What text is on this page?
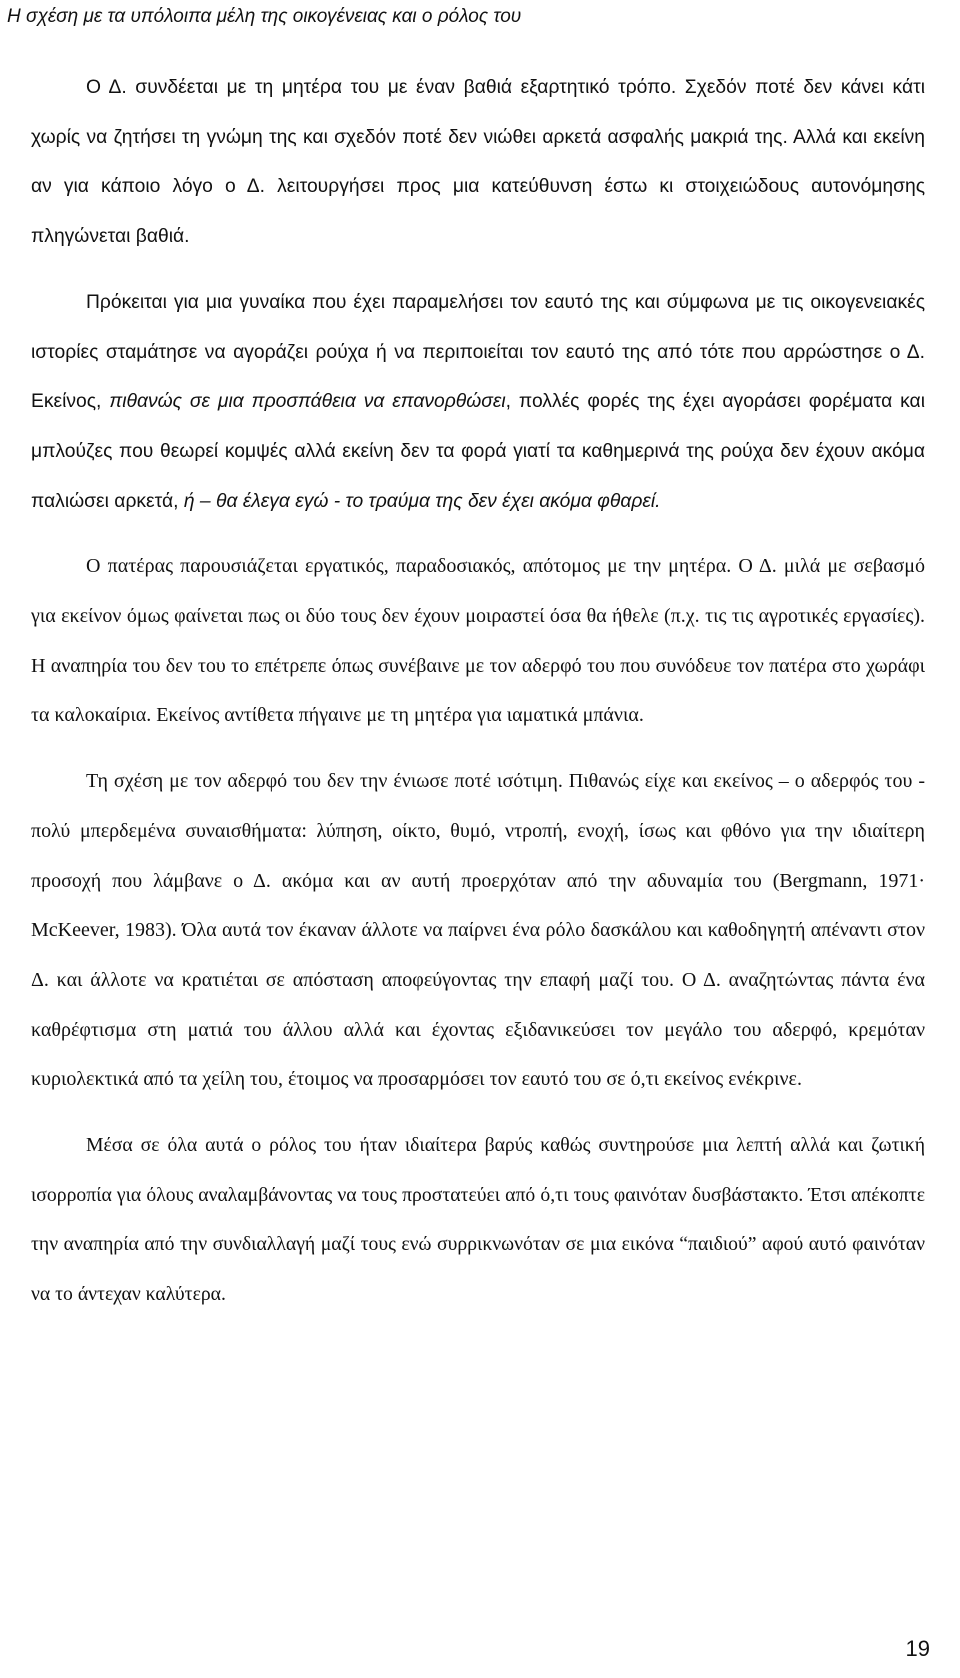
Η σχέση με τα υπόλοιπα μέλη της οικογένειας και ο ρόλος του

Ο Δ. συνδέεται με τη μητέρα του με έναν βαθιά εξαρτητικό τρόπο. Σχεδόν ποτέ δεν κάνει κάτι χωρίς να ζητήσει τη γνώμη της και σχεδόν ποτέ δεν νιώθει αρκετά ασφαλής μακριά της. Αλλά και εκείνη αν για κάποιο λόγο ο Δ. λειτουργήσει προς μια κατεύθυνση έστω κι στοιχειώδους αυτονόμησης πληγώνεται βαθιά.

Πρόκειται για μια γυναίκα που έχει παραμελήσει τον εαυτό της και σύμφωνα με τις οικογενειακές ιστορίες σταμάτησε να αγοράζει ρούχα ή να περιποιείται τον εαυτό της από τότε που αρρώστησε ο Δ. Εκείνος, πιθανώς σε μια προσπάθεια να επανορθώσει, πολλές φορές της έχει αγοράσει φορέματα και μπλούζες που θεωρεί κομψές αλλά εκείνη δεν τα φορά γιατί τα καθημερινά της ρούχα δεν έχουν ακόμα παλιώσει αρκετά, ή – θα έλεγα εγώ - το τραύμα της δεν έχει ακόμα φθαρεί.

Ο πατέρας παρουσιάζεται εργατικός, παραδοσιακός, απότομος με την μητέρα. Ο Δ. μιλά με σεβασμό για εκείνον όμως φαίνεται πως οι δύο τους δεν έχουν μοιραστεί όσα θα ήθελε (π.χ. τις τις αγροτικές εργασίες). Η αναπηρία του δεν του το επέτρεπε όπως συνέβαινε με τον αδερφό του που συνόδευε τον πατέρα στο χωράφι τα καλοκαίρια. Εκείνος αντίθετα πήγαινε με τη μητέρα για ιαματικά μπάνια.

Τη σχέση με τον αδερφό του δεν την ένιωσε ποτέ ισότιμη. Πιθανώς είχε και εκείνος – ο αδερφός του - πολύ μπερδεμένα συναισθήματα: λύπηση, οίκτο, θυμό, ντροπή, ενοχή, ίσως και φθόνο για την ιδιαίτερη προσοχή που λάμβανε ο Δ. ακόμα και αν αυτή προερχόταν από την αδυναμία του (Bergmann, 1971· McKeever, 1983). Όλα αυτά τον έκαναν άλλοτε να παίρνει ένα ρόλο δασκάλου και καθοδηγητή απέναντι στον Δ. και άλλοτε να κρατιέται σε απόσταση αποφεύγοντας την επαφή μαζί του. Ο Δ. αναζητώντας πάντα ένα καθρέφτισμα στη ματιά του άλλου αλλά και έχοντας εξιδανικεύσει τον μεγάλο του αδερφό, κρεμόταν κυριολεκτικά από τα χείλη του, έτοιμος να προσαρμόσει τον εαυτό του σε ό,τι εκείνος ενέκρινε.

Μέσα σε όλα αυτά ο ρόλος του ήταν ιδιαίτερα βαρύς καθώς συντηρούσε μια λεπτή αλλά και ζωτική ισορροπία για όλους αναλαμβάνοντας να τους προστατεύει από ό,τι τους φαινόταν δυσβάστακτο. Έτσι απέκοπτε την αναπηρία από την συνδιαλλαγή μαζί τους ενώ συρρικνωνόταν σε μια εικόνα “παιδιού” αφού αυτό φαινόταν να το άντεχαν καλύτερα.

19
